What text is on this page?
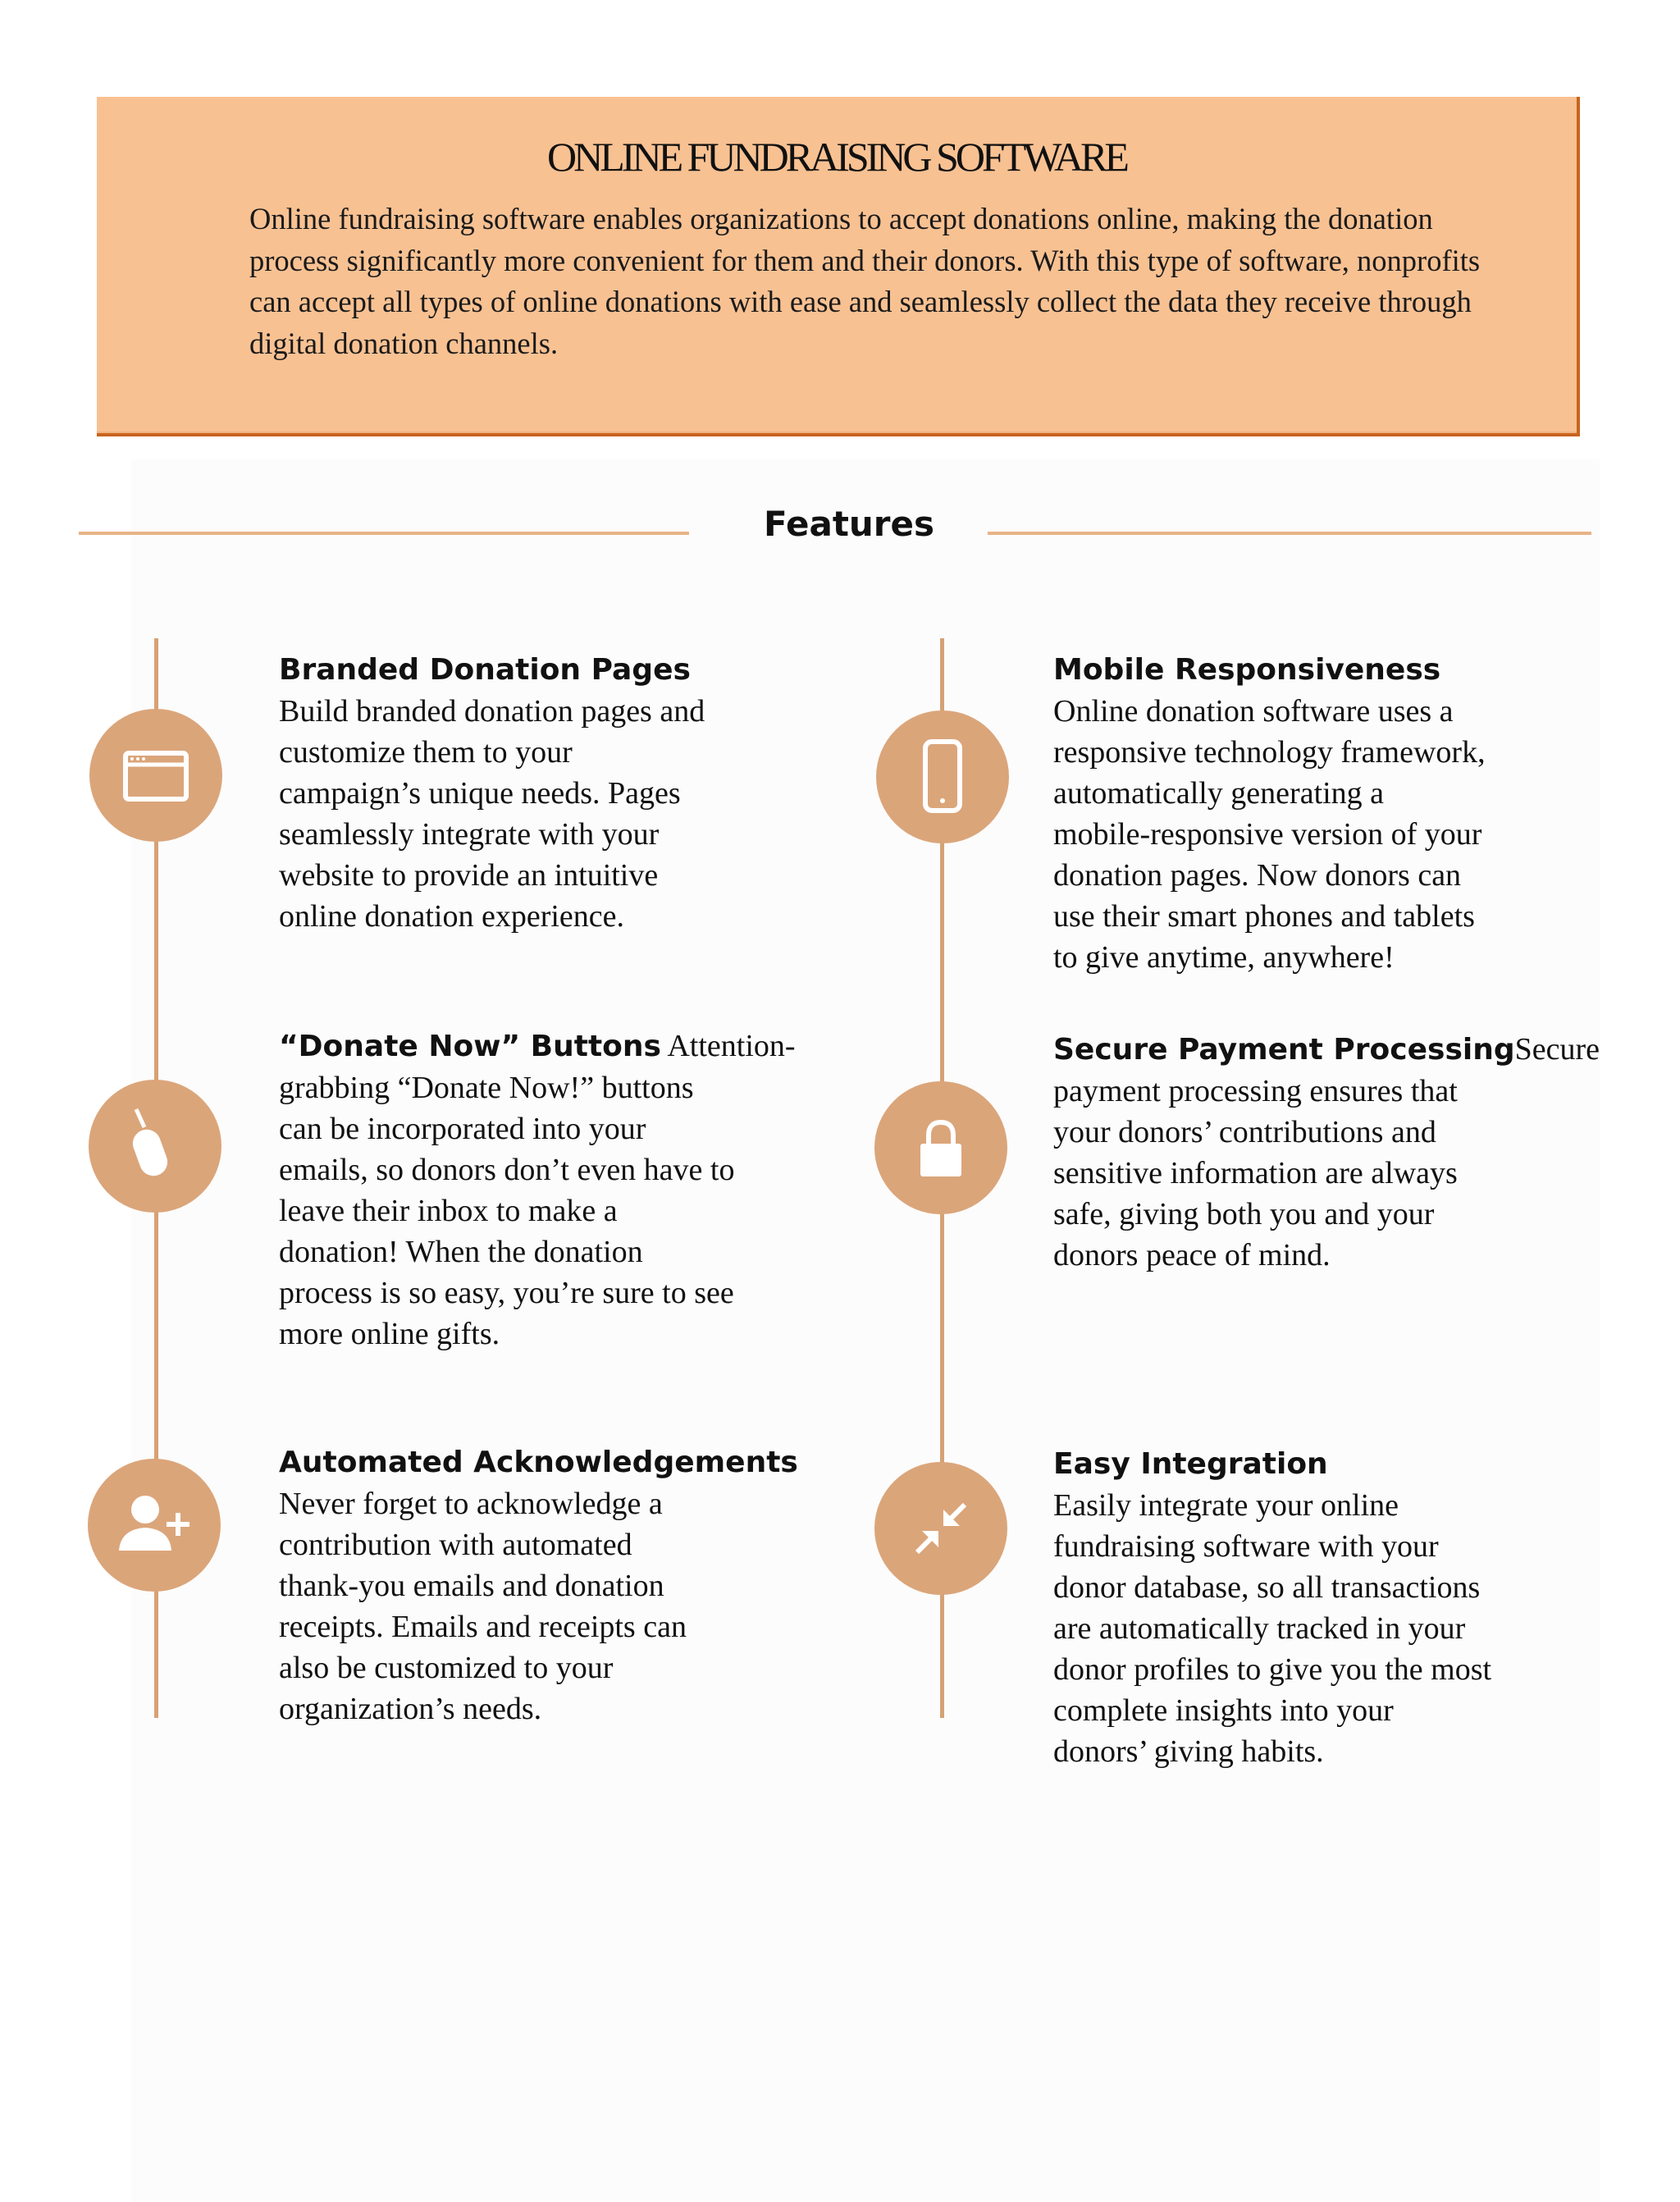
ONLINE FUNDRAISING SOFTWARE
Online fundraising software enables organizations to accept donations online, making the donation process significantly more convenient for them and their donors. With this type of software, nonprofits can accept all types of online donations with ease and seamlessly collect the data they receive through digital donation channels.
Features
Branded Donation Pages
Build branded donation pages and
customize them to your
campaign’s unique needs. Pages
seamlessly integrate with your
website to provide an intuitive
online donation experience.
Mobile Responsiveness
Online donation software uses a
responsive technology framework,
automatically generating a
mobile-responsive version of your
donation pages. Now donors can
use their smart phones and tablets
to give anytime, anywhere!
“Donate Now” Buttons Attention-
grabbing “Donate Now!” buttons
can be incorporated into your
emails, so donors don’t even have to
leave their inbox to make a
donation! When the donation
process is so easy, you’re sure to see
more online gifts.
Secure Payment ProcessingSecure
payment processing ensures that
your donors’ contributions and
sensitive information are always
safe, giving both you and your
donors peace of mind.
Automated Acknowledgements
Never forget to acknowledge a
contribution with automated
thank-you emails and donation
receipts. Emails and receipts can
also be customized to your
organization’s needs.
Easy Integration
Easily integrate your online
fundraising software with your
donor database, so all transactions
are automatically tracked in your
donor profiles to give you the most
complete insights into your
donors’ giving habits.
